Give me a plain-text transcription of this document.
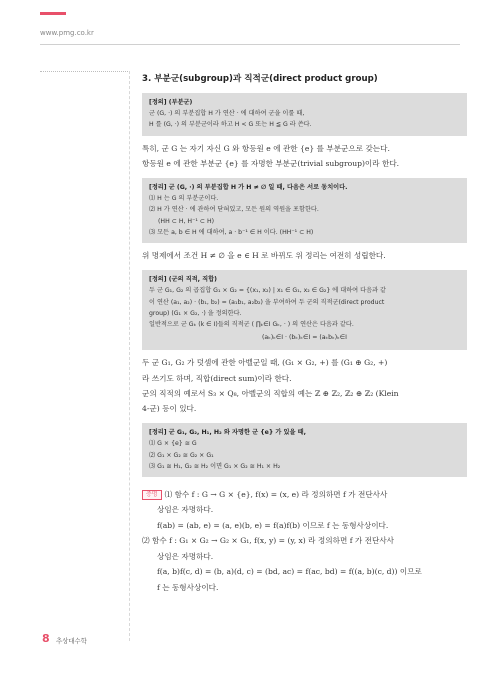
www.pmg.co.kr
3. 부분군(subgroup)과 직적군(direct product group)
[정의] (부분군)
군 (G, ·) 의 부분집합 H 가 연산 · 에 대하여 군을 이룰 때,
H 를 (G, ·) 의 부분군이라 하고 H < G 또는 H ≦ G 라 쓴다.
특히, 군 G 는 자기 자신 G 와 항등원 e 에 관한 {e} 를 부분군으로 갖는다.
항등원 e 에 관한 부분군 {e} 를 자명한 부분군(trivial subgroup)이라 한다.
[정리] 군 (G, ·) 의 부분집합 H 가 H ≠ ∅ 일 때, 다음은 서로 동치이다.
⑴ H 는 G 의 부분군이다.
⑵ H 가 연산 · 에 관하여 닫혀있고, 모든 원의 역원을 포함한다.
(HH ⊂ H, H⁻¹ ⊂ H)
⑶ 모든 a, b ∈ H 에 대하여, a · b⁻¹ ∈ H 이다. (HH⁻¹ ⊂ H)
위 명제에서 조건 H ≠ ∅ 을 e ∈ H 로 바뀌도 위 정리는 여전히 성립한다.
[정의] (군의 직적, 직합)
두 군 G₁, G₂ 의 곱집합 G₁ × G₂ = {(x₁, x₂) | x₁ ∈ G₁, x₂ ∈ G₂} 에 대하여 다음과 같
이 연산 (a₁, a₂) · (b₁, b₂) = (a₁b₁, a₂b₂) 을 부여하여 두 군의 직적군(direct product
group) (G₁ × G₂, ·) 을 정의한다.
일반적으로 군 Gₖ (k ∈ I)들의 직적군 ( ∏ₖ∈I Gₖ, · ) 의 연산은 다음과 같다.
(aₖ)ₖ∈I · (bₖ)ₖ∈I = (aₖbₖ)ₖ∈I
두 군 G₁, G₂ 가 덧셈에 관한 아벨군일 때, (G₁ × G₂, +) 를 (G₁ ⊕ G₂, +)
라 쓰기도 하며, 직합(direct sum)이라 한다.
군의 직적의 예로서 S₃ × Q₈, 아벨군의 직합의 예는 ℤ ⊕ ℤ₂, ℤ₂ ⊕ ℤ₂ (Klein
4-군) 등이 있다.
[정리] 군 G₁, G₂, H₁, H₂ 와 자명한 군 {e} 가 있을 때,
⑴ G × {e} ≅ G
⑵ G₁ × G₂ ≅ G₂ × G₁
⑶ G₁ ≅ H₁, G₂ ≅ H₂ 이면 G₁ × G₂ ≅ H₁ × H₂
증명 ⑴ 함수 f : G → G × {e}, f(x) = (x, e) 라 정의하면 f 가 전단사사
상임은 자명하다.
f(ab) = (ab, e) = (a, e)(b, e) = f(a)f(b) 이므로 f 는 동형사상이다.
⑵ 함수 f : G₁ × G₂ → G₂ × G₁, f(x, y) = (y, x) 라 정의하면 f 가 전단사사
상임은 자명하다.
f(a, b)f(c, d) = (b, a)(d, c) = (bd, ac) = f(ac, bd) = f((a, b)(c, d)) 이므로
f 는 동형사상이다.
8 추상대수학
